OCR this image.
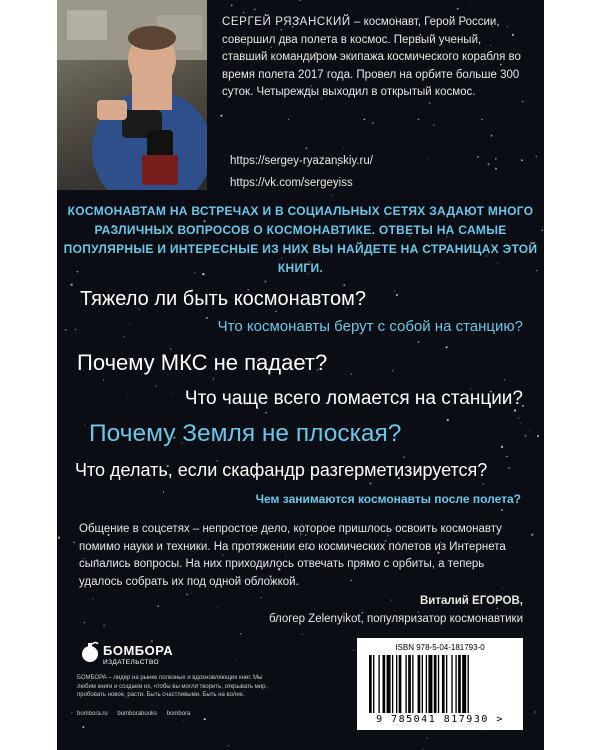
СЕРГЕЙ РЯЗАНСКИЙ – космонавт, Герой России, совершил два полета в космос. Первый ученый, ставший командиром экипажа космического корабля во время полета 2017 года. Провел на орбите больше 300 суток. Четырежды выходил в открытый космос.
https://sergey-ryazanskiy.ru/
https://vk.com/sergeyiss
КОСМОНАВТАМ НА ВСТРЕЧАХ И В СОЦИАЛЬНЫХ СЕТЯХ ЗАДАЮТ МНОГО РАЗЛИЧНЫХ ВОПРОСОВ О КОСМОНАВТИКЕ. ОТВЕТЫ НА САМЫЕ ПОПУЛЯРНЫЕ И ИНТЕРЕСНЫЕ ИЗ НИХ ВЫ НАЙДЕТЕ НА СТРАНИЦАХ ЭТОЙ КНИГИ.

Тяжело ли быть космонавтом?

Что космонавты берут с собой на станцию?

Почему МКС не падает?

Что чаще всего ломается на станции?

Почему Земля не плоская?

Что делать, если скафандр разгерметизируется?

Чем занимаются космонавты после полета?

Общение в соцсетях – непростое дело, которое пришлось освоить космонавту помимо науки и техники. На протяжении его космических полетов из Интернета сыпались вопросы. На них приходилось отвечать прямо с орбиты, а теперь удалось собрать их под одной обложкой.
Виталий ЕГОРОВ,
блогер Zelenyikot, популяризатор космонавтики
БОМБОРА
ИЗДАТЕЛЬСТВО
БОМБОРА – лидер на рынке полезных и вдохновляющих книг. Мы любим книги и создаем их, чтобы вы могли творить, открывать мир, пробовать новое, расти. Быть счастливыми. Быть на волне.
bombora.ru bomborabooks bombora
ISBN 978-5-04-181793-0
9 785041 817930 >
